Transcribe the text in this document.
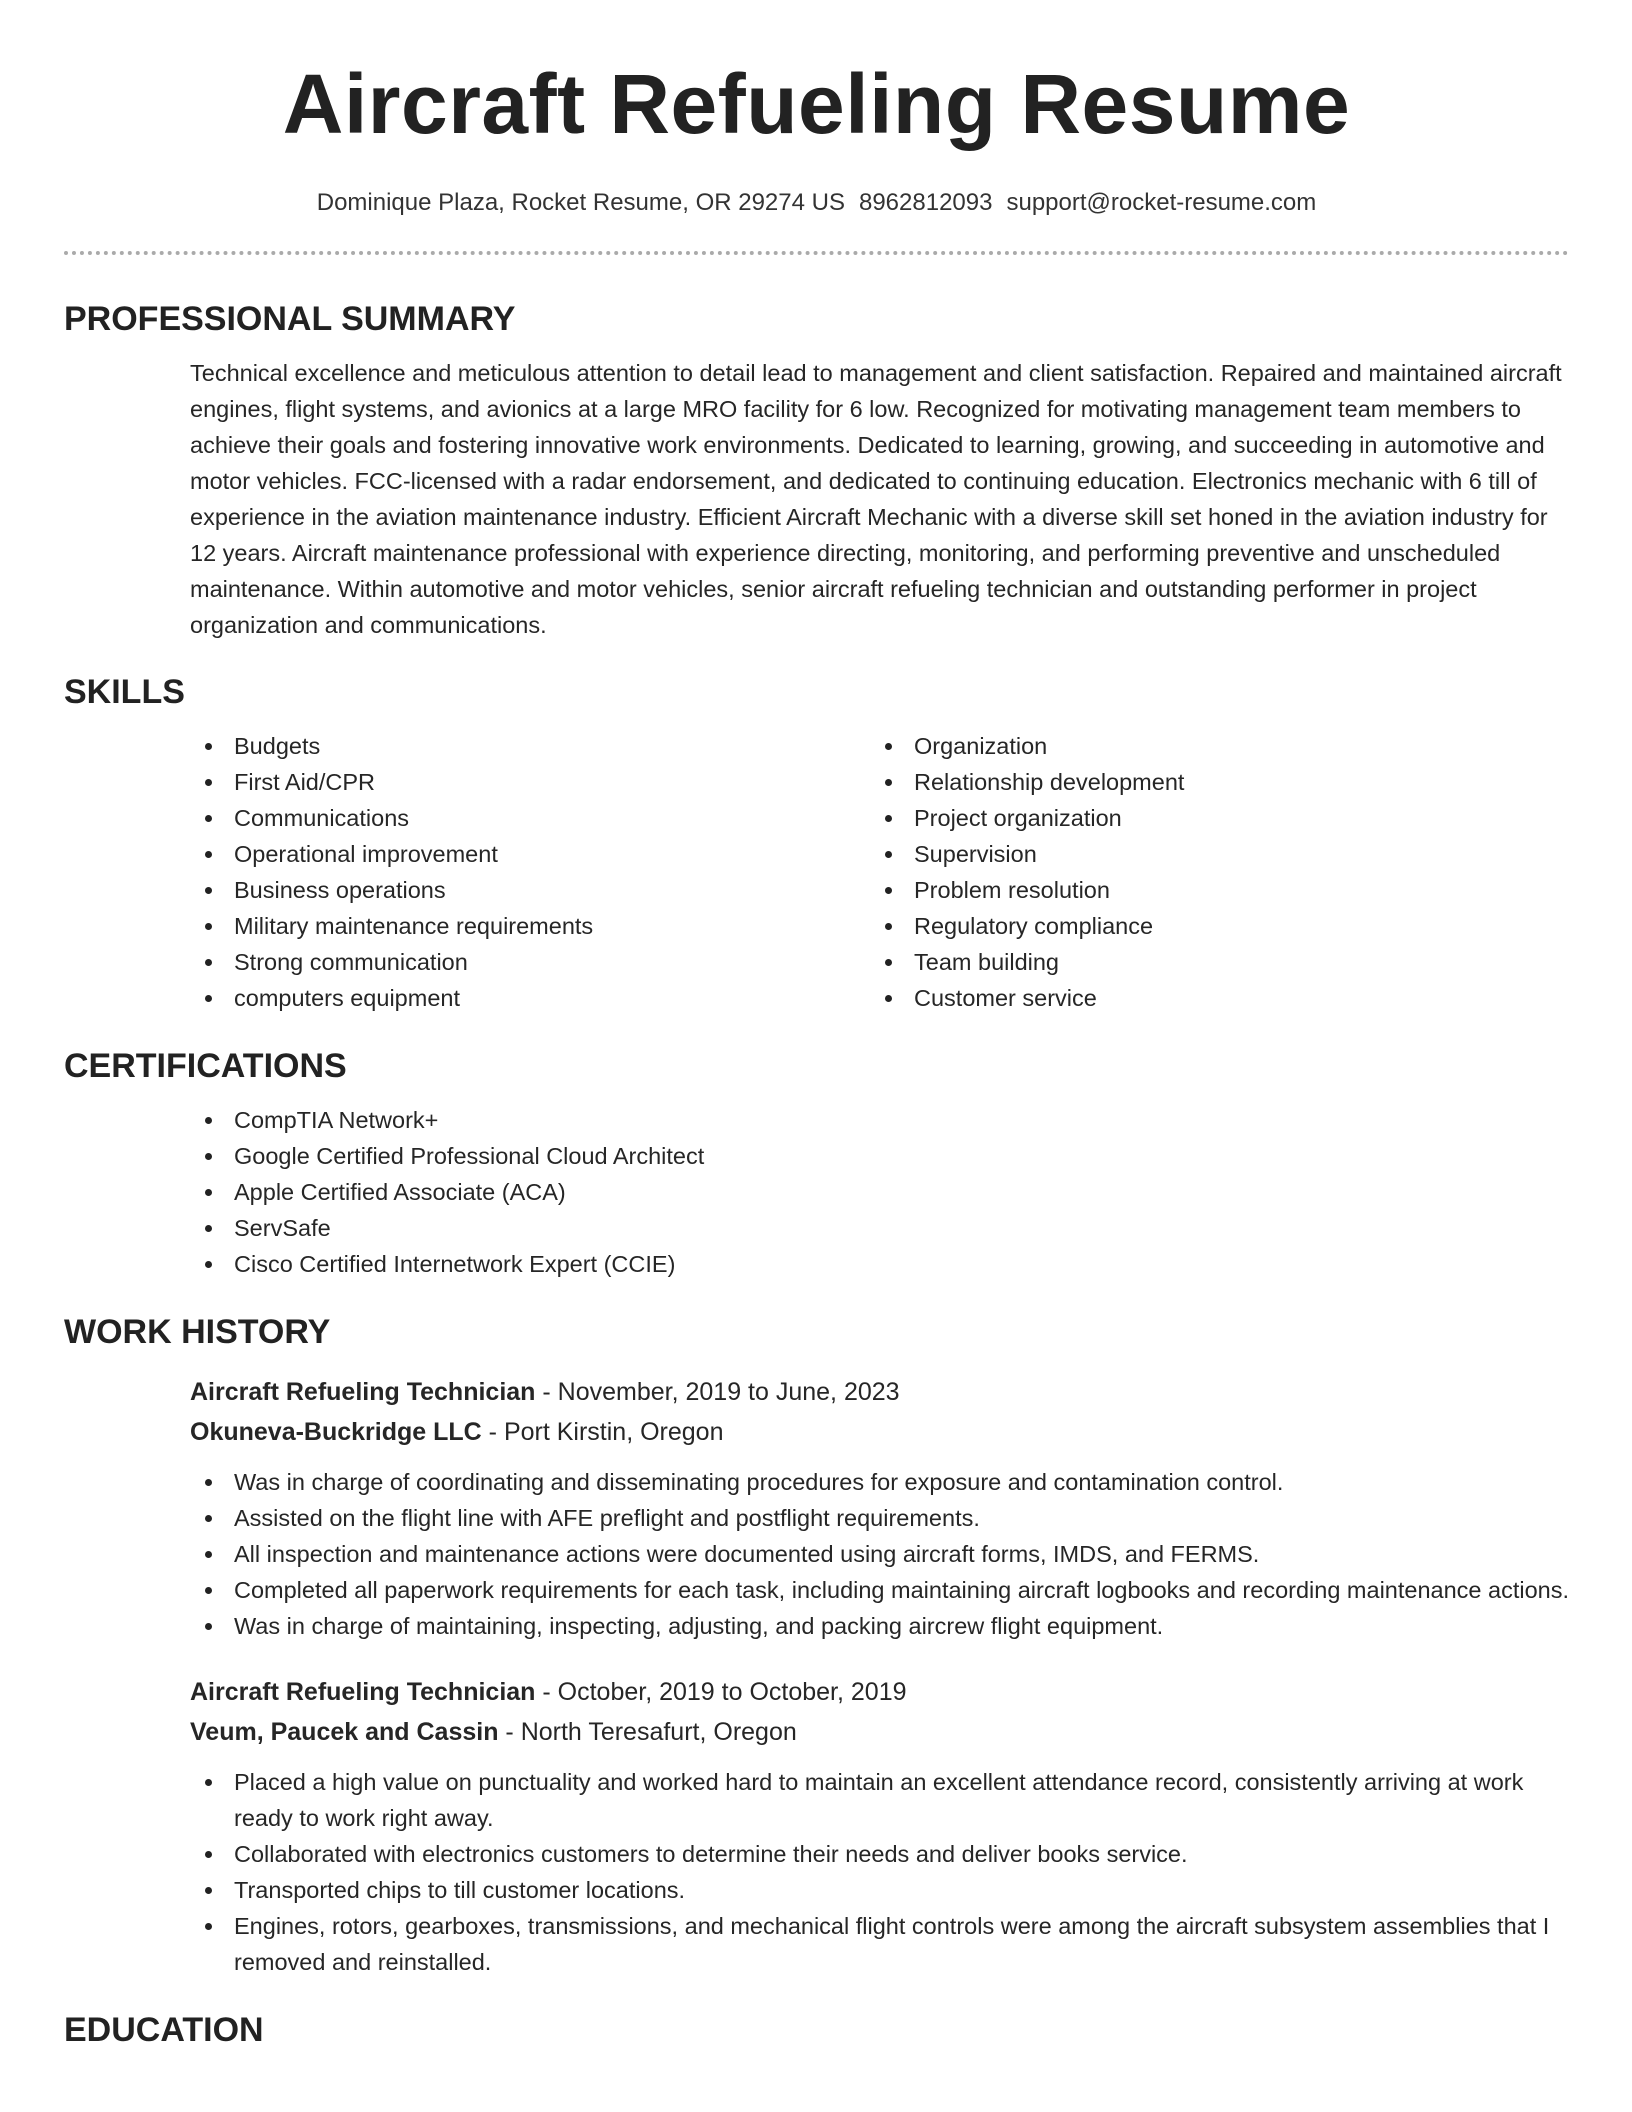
Aircraft Refueling Resume
Dominique Plaza, Rocket Resume, OR 29274 US 8962812093 support@rocket-resume.com
PROFESSIONAL SUMMARY

Technical excellence and meticulous attention to detail lead to management and client satisfaction. Repaired and maintained aircraft engines, flight systems, and avionics at a large MRO facility for 6 low. Recognized for motivating management team members to achieve their goals and fostering innovative work environments. Dedicated to learning, growing, and succeeding in automotive and motor vehicles. FCC-licensed with a radar endorsement, and dedicated to continuing education. Electronics mechanic with 6 till of experience in the aviation maintenance industry. Efficient Aircraft Mechanic with a diverse skill set honed in the aviation industry for 12 years. Aircraft maintenance professional with experience directing, monitoring, and performing preventive and unscheduled maintenance. Within automotive and motor vehicles, senior aircraft refueling technician and outstanding performer in project organization and communications.

SKILLS
Budgets
First Aid/CPR
Communications
Operational improvement
Business operations
Military maintenance requirements
Strong communication
computers equipment
Organization
Relationship development
Project organization
Supervision
Problem resolution
Regulatory compliance
Team building
Customer service
CERTIFICATIONS
CompTIA Network+
Google Certified Professional Cloud Architect
Apple Certified Associate (ACA)
ServSafe
Cisco Certified Internetwork Expert (CCIE)
WORK HISTORY
Aircraft Refueling Technician - November, 2019 to June, 2023
Okuneva-Buckridge LLC - Port Kirstin, Oregon
Was in charge of coordinating and disseminating procedures for exposure and contamination control.
Assisted on the flight line with AFE preflight and postflight requirements.
All inspection and maintenance actions were documented using aircraft forms, IMDS, and FERMS.
Completed all paperwork requirements for each task, including maintaining aircraft logbooks and recording maintenance actions.
Was in charge of maintaining, inspecting, adjusting, and packing aircrew flight equipment.
Aircraft Refueling Technician - October, 2019 to October, 2019
Veum, Paucek and Cassin - North Teresafurt, Oregon
Placed a high value on punctuality and worked hard to maintain an excellent attendance record, consistently arriving at work ready to work right away.
Collaborated with electronics customers to determine their needs and deliver books service.
Transported chips to till customer locations.
Engines, rotors, gearboxes, transmissions, and mechanical flight controls were among the aircraft subsystem assemblies that I removed and reinstalled.
EDUCATION
